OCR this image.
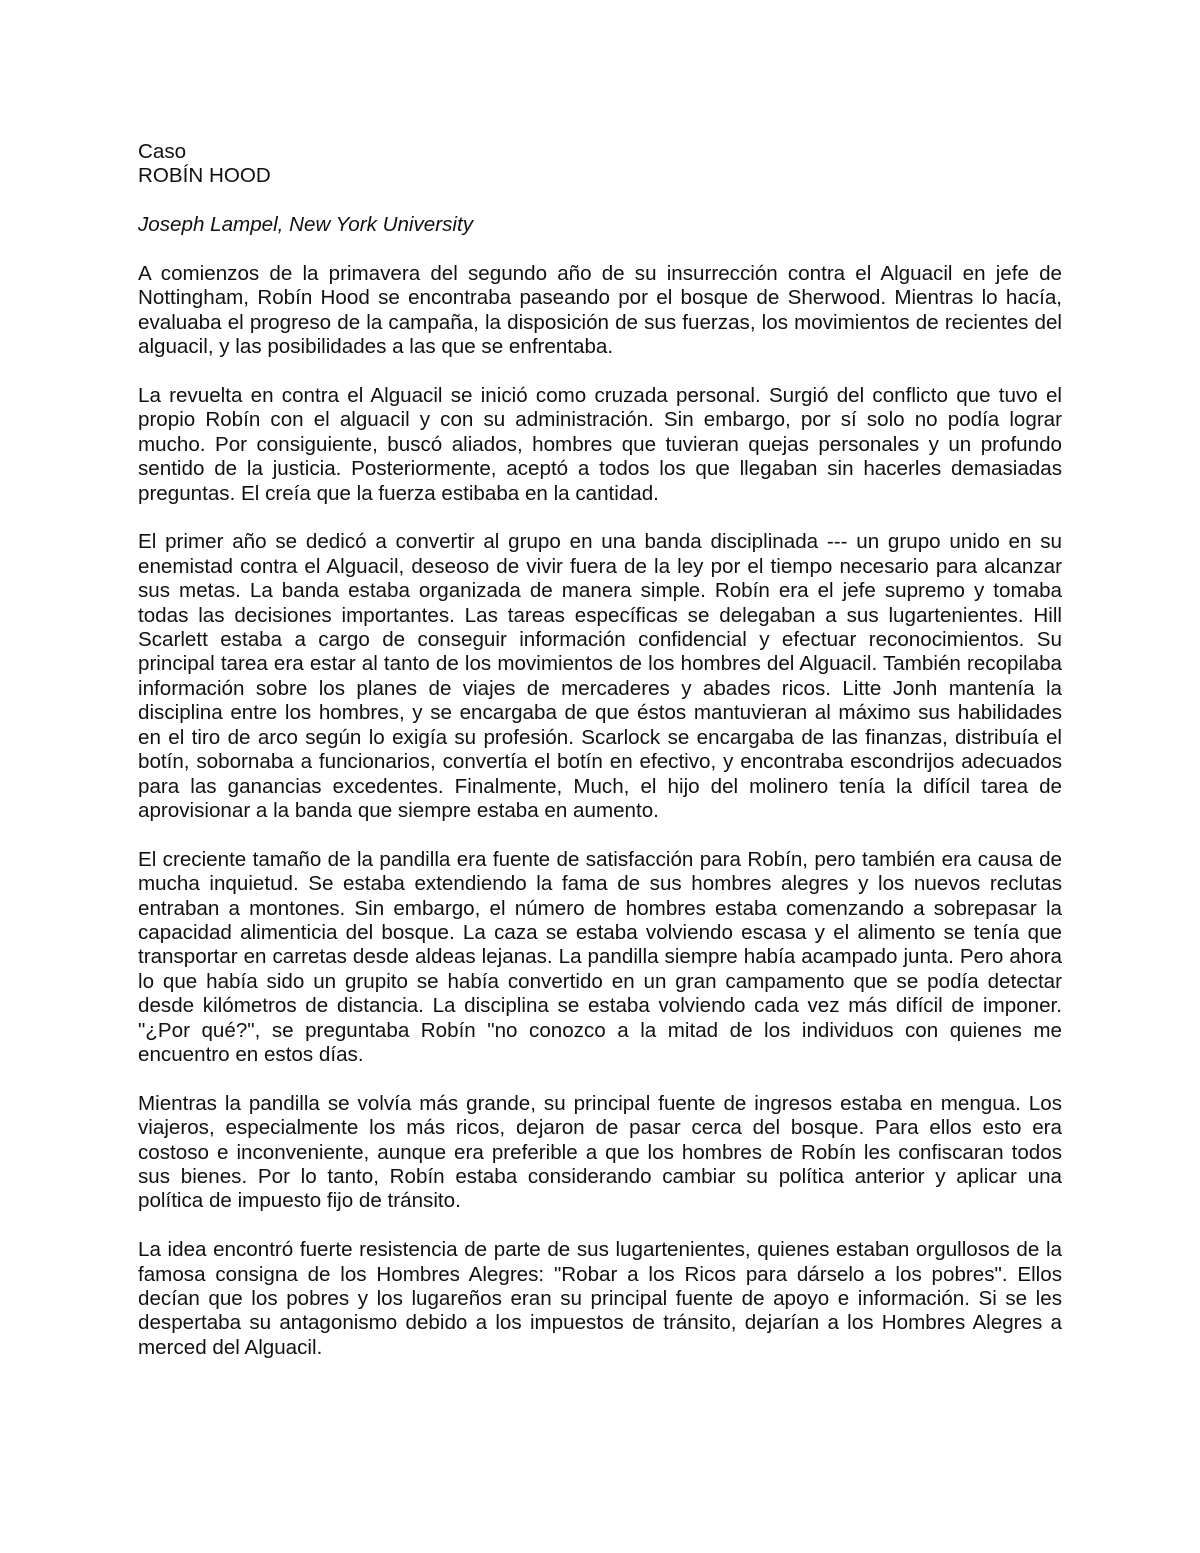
Caso

ROBÍN HOOD

Joseph Lampel, New York University

A comienzos de la primavera del segundo año de su insurrección contra el Alguacil en jefe de Nottingham, Robín Hood se encontraba paseando por el bosque de Sherwood. Mientras lo hacía, evaluaba el progreso de la campaña, la disposición de sus fuerzas, los movimientos de recientes del alguacil, y las posibilidades a las que se enfrentaba.

La revuelta en contra el Alguacil se inició como cruzada personal. Surgió del conflicto que tuvo el propio Robín con el alguacil y con su administración. Sin embargo, por sí solo no podía lograr mucho. Por consiguiente, buscó aliados, hombres que tuvieran quejas personales y un profundo sentido de la justicia. Posteriormente, aceptó a todos los que llegaban sin hacerles demasiadas preguntas. El creía que la fuerza estibaba en la cantidad.

El primer año se dedicó a convertir al grupo en una banda disciplinada --- un grupo unido en su enemistad contra el Alguacil, deseoso de vivir fuera de la ley por el tiempo necesario para alcanzar sus metas. La banda estaba organizada de manera simple. Robín era el jefe supremo y tomaba todas las decisiones importantes. Las tareas específicas se delegaban a sus lugartenientes. Hill Scarlett estaba a cargo de conseguir información confidencial y efectuar reconocimientos. Su principal tarea era estar al tanto de los movimientos de los hombres del Alguacil. También recopilaba información sobre los planes de viajes de mercaderes y abades ricos. Litte Jonh mantenía la disciplina entre los hombres, y se encargaba de que éstos mantuvieran al máximo sus habilidades en el tiro de arco según lo exigía su profesión. Scarlock se encargaba de las finanzas, distribuía el botín, sobornaba a funcionarios, convertía el botín en efectivo, y encontraba escondrijos adecuados para las ganancias excedentes. Finalmente, Much, el hijo del molinero tenía la difícil tarea de aprovisionar a la banda que siempre estaba en aumento.

El creciente tamaño de la pandilla era fuente de satisfacción para Robín, pero también era causa de mucha inquietud. Se estaba extendiendo la fama de sus hombres alegres y los nuevos reclutas entraban a montones. Sin embargo, el número de hombres estaba comenzando a sobrepasar la capacidad alimenticia del bosque. La caza se estaba volviendo escasa y el alimento se tenía que transportar en carretas desde aldeas lejanas. La pandilla siempre había acampado junta. Pero ahora lo que había sido un grupito se había convertido en un gran campamento que se podía detectar desde kilómetros de distancia. La disciplina se estaba volviendo cada vez más difícil de imponer. "¿Por qué?", se preguntaba Robín "no conozco a la mitad de los individuos con quienes me encuentro en estos días.

Mientras la pandilla se volvía más grande, su principal fuente de ingresos estaba en mengua. Los viajeros, especialmente los más ricos, dejaron de pasar cerca del bosque. Para ellos esto era costoso e inconveniente, aunque era preferible a que los hombres de Robín les confiscaran todos sus bienes. Por lo tanto, Robín estaba considerando cambiar su política anterior y aplicar una política de impuesto fijo de tránsito.

La idea encontró fuerte resistencia de parte de sus lugartenientes, quienes estaban orgullosos de la famosa consigna de los Hombres Alegres: "Robar a los Ricos para dárselo a los pobres". Ellos decían que los pobres y los lugareños eran su principal fuente de apoyo e información. Si se les despertaba su antagonismo debido a los impuestos de tránsito, dejarían a los Hombres Alegres a merced del Alguacil.
